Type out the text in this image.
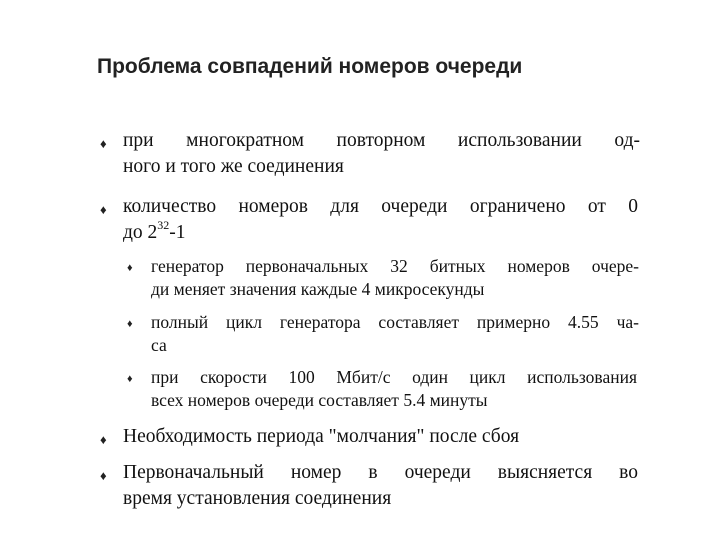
Проблема совпадений номеров очереди
♦ при многократном повторном использовании од-
ного и того же соединения
♦ количество номеров для очереди ограничено от 0
до $2^{32}-1$
♦ генератор первоначальных 32 битных номеров очере-
ди меняет значения каждые 4 микросекунды
♦ полный цикл генератора составляет примерно 4.55 ча-
са
♦ при скорости 100 Мбит/с один цикл использования
всех номеров очереди составляет 5.4 минуты
♦ Необходимость периода "молчания" после сбоя
♦ Первоначальный номер в очереди выясняется во
время установления соединения
